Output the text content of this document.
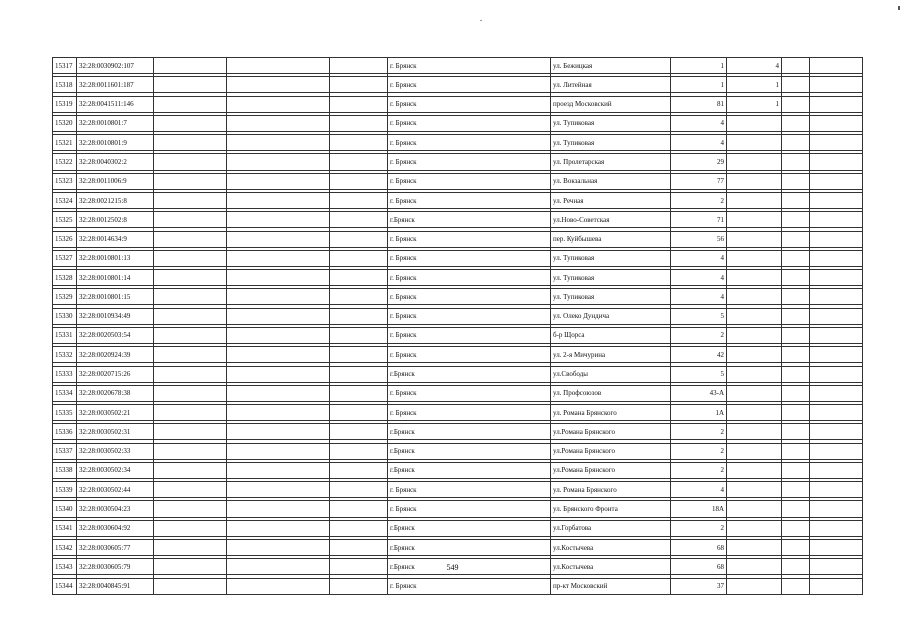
15317	32:28:0030902:107				г. Брянск	ул. Бежицкая	1	4		

15318	32:28:0011601:187				г. Брянск	ул. Литейная	1	1		

15319	32:28:0041511:146				г. Брянск	проезд Московский	81	1		

15320	32:28:0010801:7				г. Брянск	ул. Тупиковая	4			

15321	32:28:0010801:9				г. Брянск	ул. Тупиковая	4			

15322	32:28:0040302:2				г. Брянск	ул. Пролетарская	29			

15323	32:28:0011006:9				г. Брянск	ул. Вокзальная	77			

15324	32:28:0021215:8				г. Брянск	ул. Речная	2			

15325	32:28:0012502:8				г.Брянск	ул.Ново-Советская	71			

15326	32:28:0014634:9				г. Брянск	пер. Куйбышева	56			

15327	32:28:0010801:13				г. Брянск	ул. Тупиковая	4			

15328	32:28:0010801:14				г. Брянск	ул. Тупиковая	4			

15329	32:28:0010801:15				г. Брянск	ул. Тупиковая	4			

15330	32:28:0010934:49				г. Брянск	ул. Олеко Дундича	5			

15331	32:28:0020503:54				г. Брянск	б-р Щорса	2			

15332	32:28:0020924:39				г. Брянск	ул. 2-я Мичурина	42			

15333	32:28:0020715:26				г.Брянск	ул.Свободы	5			

15334	32:28:0020678:38				г. Брянск	ул. Профсоюзов	43-А			

15335	32:28:0030502:21				г. Брянск	ул. Романа Брянского	1А			

15336	32:28:0030502:31				г.Брянск	ул.Романа Брянского	2			

15337	32:28:0030502:33				г.Брянск	ул.Романа Брянского	2			

15338	32:28:0030502:34				г.Брянск	ул.Романа Брянского	2			

15339	32:28:0030502:44				г. Брянск	ул. Романа Брянского	4			

15340	32:28:0030504:23				г. Брянск	ул. Брянского Фронта	18А			

15341	32:28:0030604:92				г.Брянск	ул.Горбатова	2			

15342	32:28:0030605:77				г.Брянск	ул.Костычева	68			

15343	32:28:0030605:79				г.Брянск	ул.Костычева	68			

15344	32:28:0040845:91				г. Брянск	пр-кт Московский	37			
549
